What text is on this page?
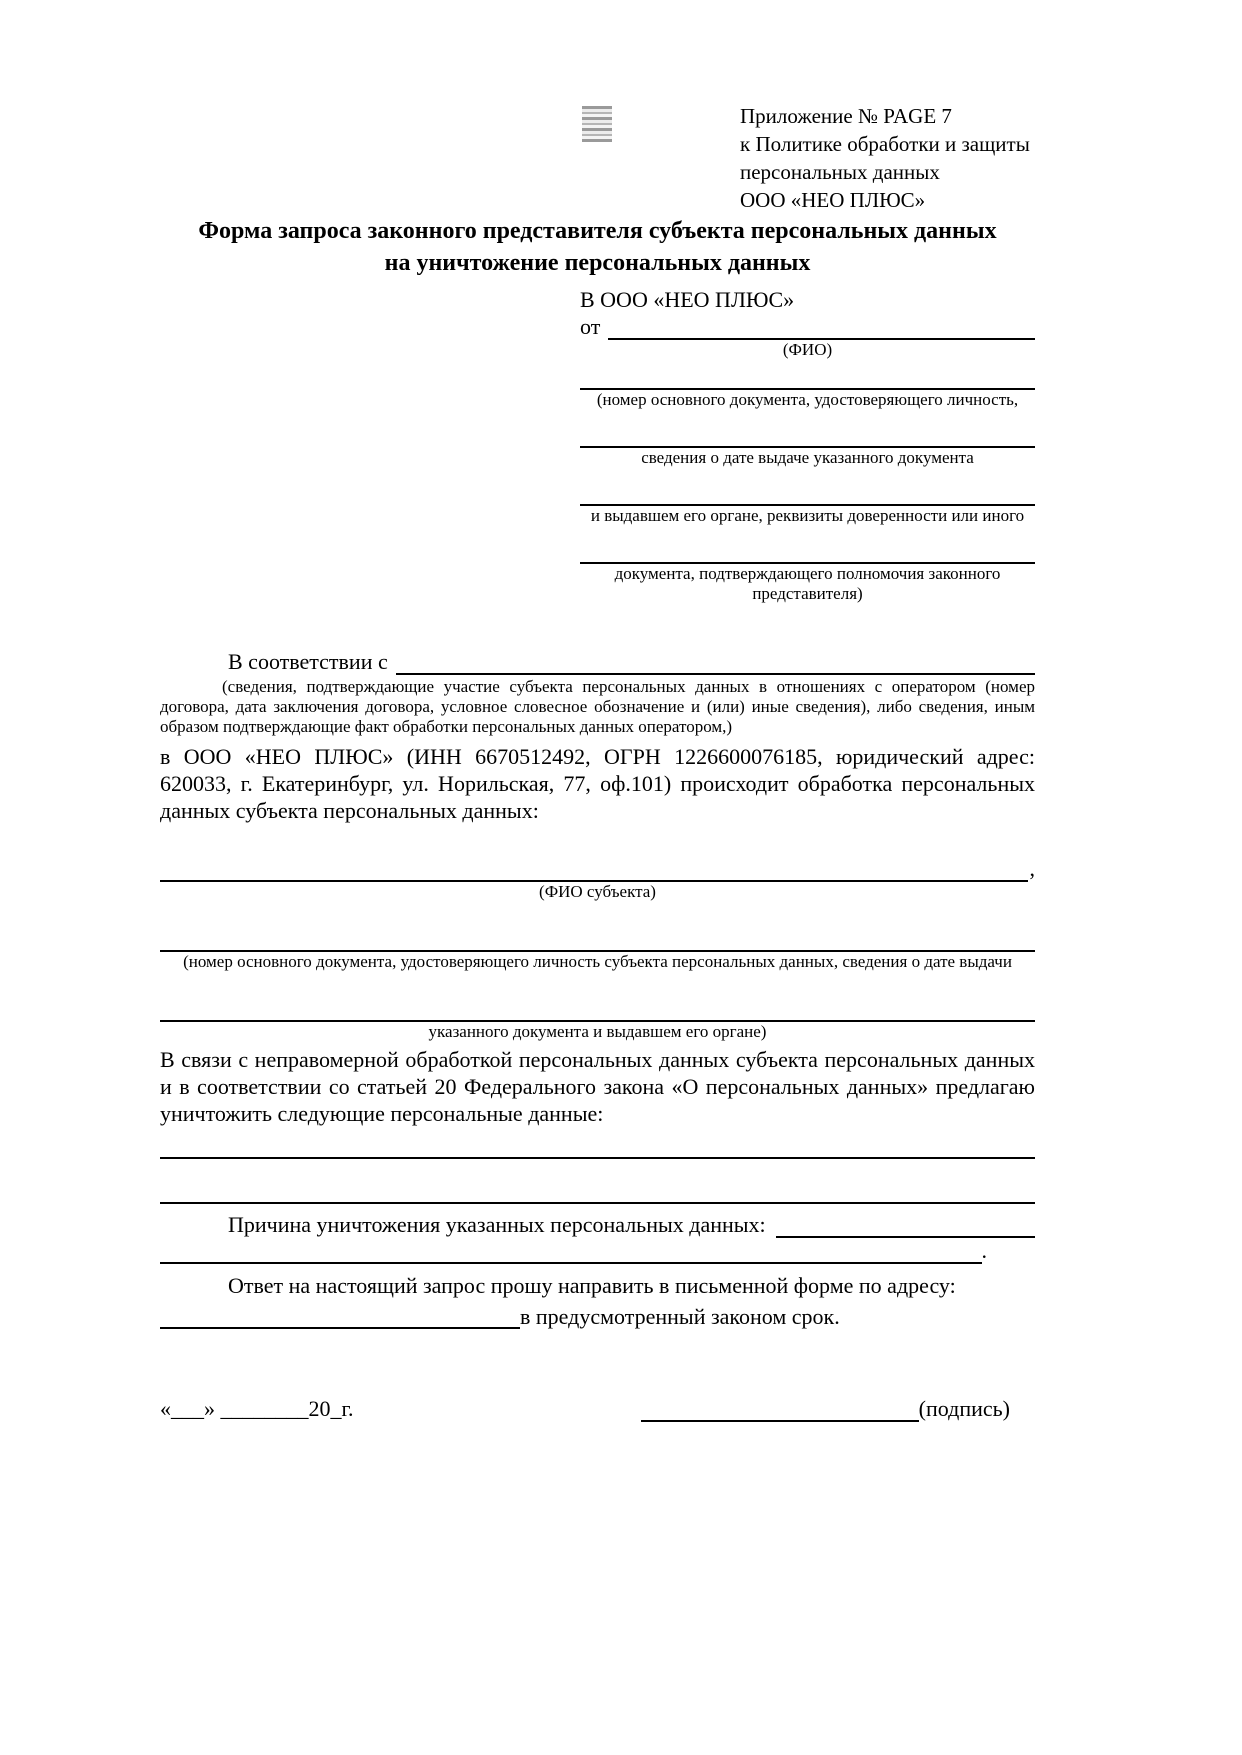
Приложение № PAGE 7
к Политике обработки и защиты
персональных данных
ООО «НЕО ПЛЮС»
Форма запроса законного представителя субъекта персональных данных
на уничтожение персональных данных
В ООО «НЕО ПЛЮС»
от
(ФИО)
(номер основного документа, удостоверяющего личность,
сведения о дате выдаче указанного документа
и выдавшем его органе, реквизиты доверенности или иного
документа, подтверждающего полномочия законного представителя)
В соответствии с

(сведения, подтверждающие участие субъекта персональных данных в отношениях с оператором (номер договора, дата заключения договора, условное словесное обозначение и (или) иные сведения), либо сведения, иным образом подтверждающие факт обработки персональных данных оператором,)

в ООО «НЕО ПЛЮС» (ИНН 6670512492, ОГРН 1226600076185, юридический адрес: 620033, г. Екатеринбург, ул. Норильская, 77, оф.101) происходит обработка персональных данных субъекта персональных данных:

,
(ФИО субъекта)
(номер основного документа, удостоверяющего личность субъекта персональных данных, сведения о дате выдачи
указанного документа и выдавшем его органе)

В связи с неправомерной обработкой персональных данных субъекта персональных данных и в соответствии со статьей 20 Федерального закона «О персональных данных» предлагаю уничтожить следующие персональные данные:

Причина уничтожения указанных персональных данных:
.

Ответ на настоящий запрос прошу направить в письменной форме по адресу:

в предусмотренный законом срок.
«___» ________20_г.	(подпись)
